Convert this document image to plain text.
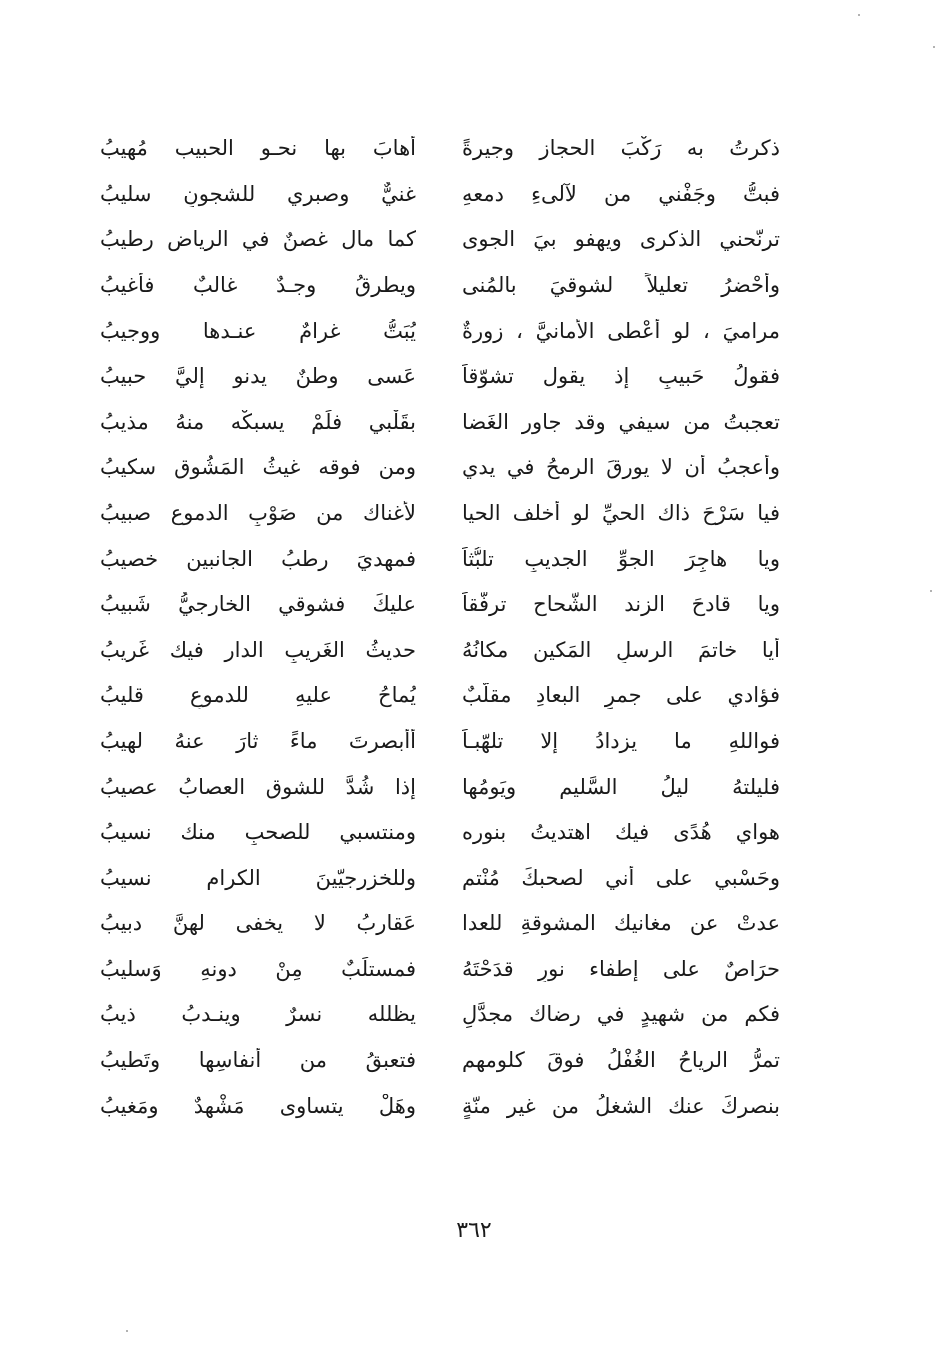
ذكرتُ به رَكْبَ الحجاز وجيرةً
أهابَ بها نحـو الحبيب مُهيبُ
فبتُّ وجَفْني من لآلىءِ دمعهِ
غنيٌّ وصبري للشجونِ سليبُ
ترنّحني الذكرى ويهفو بيَ الجوى
كما مال غصنٌ في الرياضِ رطيبُ
وأحْضرُ تعليلاً لشوقيَ بالمُنى
ويطرقُ وجـدٌ غالبٌ فأغيبُ
مراميَ ، لو أُعْطى الأمانيَّ ، زورةٌ
يُبَتُّ غرامٌ عنـدها ووجيبُ
فقولُ حَبيبٍ إذ يقول تشوّقاً
عَسى وطنٌ يدنو إليَّ حبيبُ
تعجبتُ من سيفي وقد جاور الغَضا
بقَلْبي فلَمْ يسبكْه منهُ مذيبُ
وأعجبُ أن لا يورقَ الرمحُ في يدي
ومن فوقه غيثُ المَشُوق سكيبُ
فيا سَرْحَ ذاك الحيِّ لو أخلف الحيا
لأغناك من صَوْبِ الدموعِ صبيبُ
ويا هاجِرَ الجوِّ الجديبِ تلبُّثاً
فمهديَ رطبُ الجانبين خصيبُ
ويا قادحَ الزند الشَّحاح ترفّقاً
عليكَ فشوقي الخارجيُّ شَبيبُ
أيا خاتمَ الرسلِ المَكين مكانُهُ
حديثُ الغَريبِ الدار فيك غَريبُ
فؤادي على جمرِ البعادِ مقلَّبٌ
يُماحُ عليهِ للدموعِ قليبُ
فواللهِ ما يزدادُ إلا تلهّبـاً
أأبصرتَ ماءً ثارَ عنهُ لهيبُ
فليلتهُ ليلُ السَّليم ويَومُها
إذا شُدَّ للشوقِ العصابُ عصيبُ
هواي هُدًى فيك اهتديتُ بنوره
ومنتسبي للصحبِ منك نسيبُ
وحَسْبي على أني لصحبكَ مُنْتمٍ
وللخزرجيّينَ الكرامِ نسيبُ
عدتْ عن مغانيك المشوقةِ للعدا
عَقاربُ لا يخفى لهنَّ دبيبُ
حرَاصٌ على إطفاء نورٍ قدَحْتَهُ
فمستلَبٌ مِنْ دونهِ وَسليبُ
فكم من شهيدٍ في رضاك مجدَّلٍ
يظلله نسرٌ وينـدبُ ذيبُ
تمرُّ الرياحُ الغُفْلُ فوقَ كلومهم
فتعبقُ من أنفاسِها وتَطيبُ
بنصركَ عنك الشغلُ من غير منّةٍ
وهَلْ يتساوى مَشْهدٌ ومَغيبُ
٣٦٢
